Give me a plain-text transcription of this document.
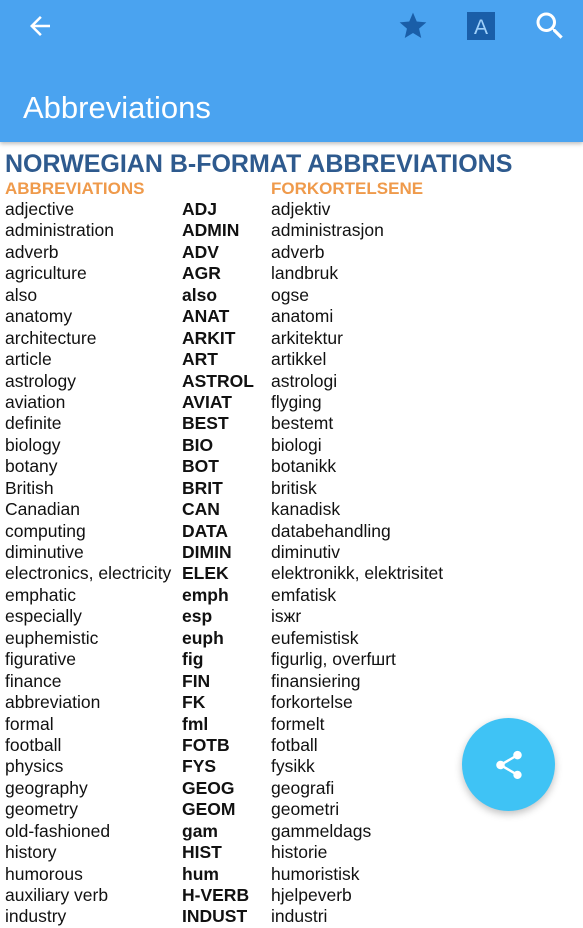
A
Abbreviations
NORWEGIAN B-FORMAT ABBREVIATIONS
ABBREVIATIONS	FORKORTELSENE
adjective	ADJ	adjektiv
administration	ADMIN administrasjon
adverb	ADV	adverb
agriculture	AGR	landbruk
also	also	ogse
anatomy	ANAT anatomi
architecture	ARKIT arkitektur
article	ART	artikkel
astrology	ASTROL astrologi
aviation	AVIAT flyging
definite	BEST bestemt
biology	BIO	biologi
botany	BOT	botanikk
British	BRIT	britisk
Canadian	CAN	kanadisk
computing	DATA databehandling
diminutive	DIMIN diminutiv
electronics, electricity ELEK elektronikk, elektrisitet
emphatic	emph emfatisk
especially	esp	isжr
euphemistic	euph	eufemistisk
figurative	fig	figurlig, overfшrt
finance	FIN	finansiering
abbreviation	FK	forkortelse
formal	fml	formelt
football	FOTB fotball
physics	FYS	fysikk
geography	GEOG geografi
geometry	GEOM geometri
old-fashioned	gam	gammeldags
history	HIST	historie
humorous	hum	humoristisk
auxiliary verb	H-VERB hjelpeverb
industry	INDUST industri
